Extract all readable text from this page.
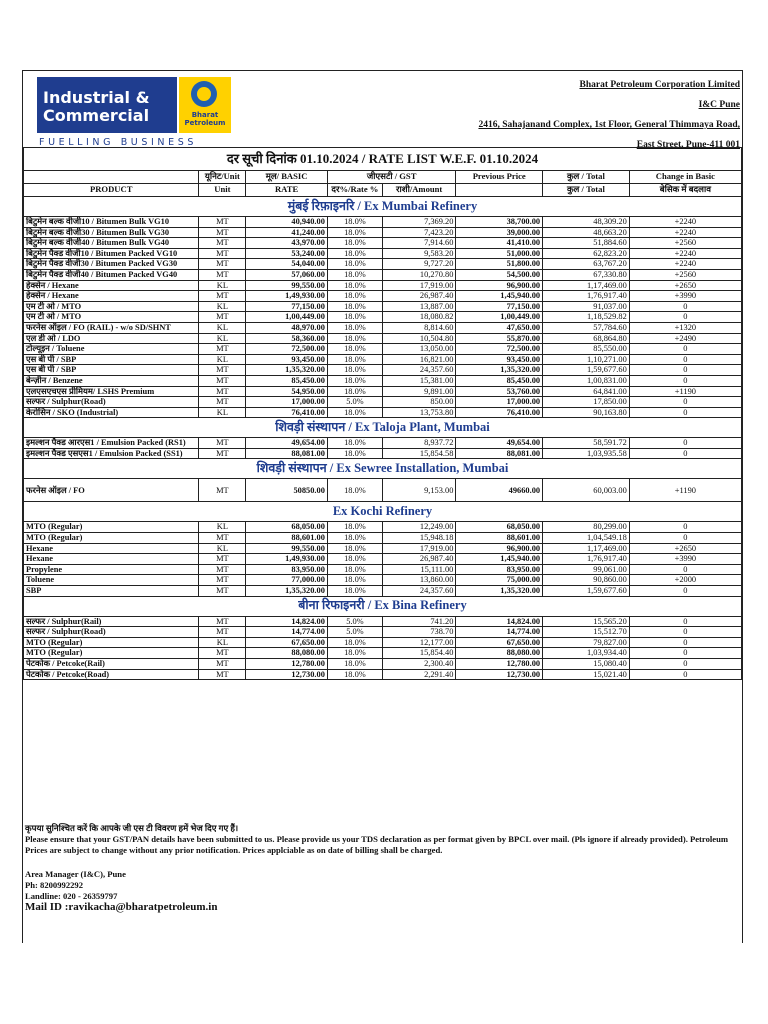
Industrial &
Commercial	Bharat Petroleum
FUELLING BUSINESS
Bharat Petroleum Corporation Limited
I&C Pune
2416, Sahajanand Complex, 1st Floor, General Thimmaya Road,
East Street, Pune-411 001
दर सूची दिनांक 01.10.2024 / RATE LIST W.E.F. 01.10.2024							
	यूनिट/Unit	मूल/ BASIC	जीएसटी / GST		Previous Price	कुल / Total	Change in Basic
PRODUCT	Unit	RATE	दर%/Rate %	राशी/Amount		कुल / Total	बेसिक में बदलाव
मुंबई रिफ़ाइनरि / Ex Mumbai Refinery							
बिटुमेन बल्क वीजी10 / Bitumen Bulk VG10	MT	40,940.00	18.0%	7,369.20	38,700.00	48,309.20	+2240
बिटुमेन बल्क वीजी30 / Bitumen Bulk VG30	MT	41,240.00	18.0%	7,423.20	39,000.00	48,663.20	+2240
बिटुमेन बल्क वीजी40 / Bitumen Bulk VG40	MT	43,970.00	18.0%	7,914.60	41,410.00	51,884.60	+2560
बिटुमेन पैक्ड वीजी10 / Bitumen Packed VG10	MT	53,240.00	18.0%	9,583.20	51,000.00	62,823.20	+2240
बिटुमेन पैक्ड वीजी30 / Bitumen Packed VG30	MT	54,040.00	18.0%	9,727.20	51,800.00	63,767.20	+2240
बिटुमेन पैक्ड वीजी40 / Bitumen Packed VG40	MT	57,060.00	18.0%	10,270.80	54,500.00	67,330.80	+2560
हेक्सेन / Hexane	KL	99,550.00	18.0%	17,919.00	96,900.00	1,17,469.00	+2650
हेक्सेन / Hexane	MT	1,49,930.00	18.0%	26,987.40	1,45,940.00	1,76,917.40	+3990
एम टी ओ / MTO	KL	77,150.00	18.0%	13,887.00	77,150.00	91,037.00	0
एम टी ओ / MTO	MT	1,00,449.00	18.0%	18,080.82	1,00,449.00	1,18,529.82	0
फरनेस ऑइल / FO (RAIL) - w/o SD/SHNT	KL	48,970.00	18.0%	8,814.60	47,650.00	57,784.60	+1320
एल डी ओ / LDO	KL	58,360.00	18.0%	10,504.80	55,870.00	68,864.80	+2490
टोल्यूइन / Toluene	MT	72,500.00	18.0%	13,050.00	72,500.00	85,550.00	0
एस बी पी / SBP	KL	93,450.00	18.0%	16,821.00	93,450.00	1,10,271.00	0
एस बी पी / SBP	MT	1,35,320.00	18.0%	24,357.60	1,35,320.00	1,59,677.60	0
बेन्ज़ीन / Benzene	MT	85,450.00	18.0%	15,381.00	85,450.00	1,00,831.00	0
एलएसएचएस प्रीमियम/ LSHS Premium	MT	54,950.00	18.0%	9,891.00	53,760.00	64,841.00	+1190
सल्फर / Sulphur(Road)	MT	17,000.00	5.0%	850.00	17,000.00	17,850.00	0
केरोसिन / SKO (Industrial)	KL	76,410.00	18.0%	13,753.80	76,410.00	90,163.80	0
शिवड़ी संस्थापन / Ex Taloja Plant, Mumbai							
इमल्शन पैक्ड आरएस1 / Emulsion Packed (RS1)	MT	49,654.00	18.0%	8,937.72	49,654.00	58,591.72	0
इमल्शन पैक्ड एसएस1 / Emulsion Packed (SS1)	MT	88,081.00	18.0%	15,854.58	88,081.00	1,03,935.58	0
शिवड़ी संस्थापन / Ex Sewree Installation, Mumbai							
फरनेस ऑइल / FO	MT	50850.00	18.0%	9,153.00	49660.00	60,003.00	+1190
Ex Kochi Refinery							
MTO (Regular)	KL	68,050.00	18.0%	12,249.00	68,050.00	80,299.00	0
MTO (Regular)	MT	88,601.00	18.0%	15,948.18	88,601.00	1,04,549.18	0
Hexane	KL	99,550.00	18.0%	17,919.00	96,900.00	1,17,469.00	+2650
Hexane	MT	1,49,930.00	18.0%	26,987.40	1,45,940.00	1,76,917.40	+3990
Propylene	MT	83,950.00	18.0%	15,111.00	83,950.00	99,061.00	0
Toluene	MT	77,000.00	18.0%	13,860.00	75,000.00	90,860.00	+2000
SBP	MT	1,35,320.00	18.0%	24,357.60	1,35,320.00	1,59,677.60	0
बीना रिफाइनरी / Ex Bina Refinery							
सल्फर / Sulphur(Rail)	MT	14,824.00	5.0%	741.20	14,824.00	15,565.20	0
सल्फर / Sulphur(Road)	MT	14,774.00	5.0%	738.70	14,774.00	15,512.70	0
MTO (Regular)	KL	67,650.00	18.0%	12,177.00	67,650.00	79,827.00	0
MTO (Regular)	MT	88,080.00	18.0%	15,854.40	88,080.00	1,03,934.40	0
पेटकोक / Petcoke(Rail)	MT	12,780.00	18.0%	2,300.40	12,780.00	15,080.40	0
पेटकोक / Petcoke(Road)	MT	12,730.00	18.0%	2,291.40	12,730.00	15,021.40	0
कृपया सुनिश्चित करें कि आपके जी एस टी विवरण हमें भेज दिए गए हैं।
Please ensure that your GST/PAN details have been submitted to us. Please provide us your TDS declaration as per format given by BPCL over mail. (Pls ignore if already provided). Petroleum Prices are subject to change without any prior notification. Prices applciable as on date of billing shall be charged.
Area Manager (I&C), Pune
Ph: 8200992292
Landline: 020 - 26359797
Mail ID :ravikacha@bharatpetroleum.in
